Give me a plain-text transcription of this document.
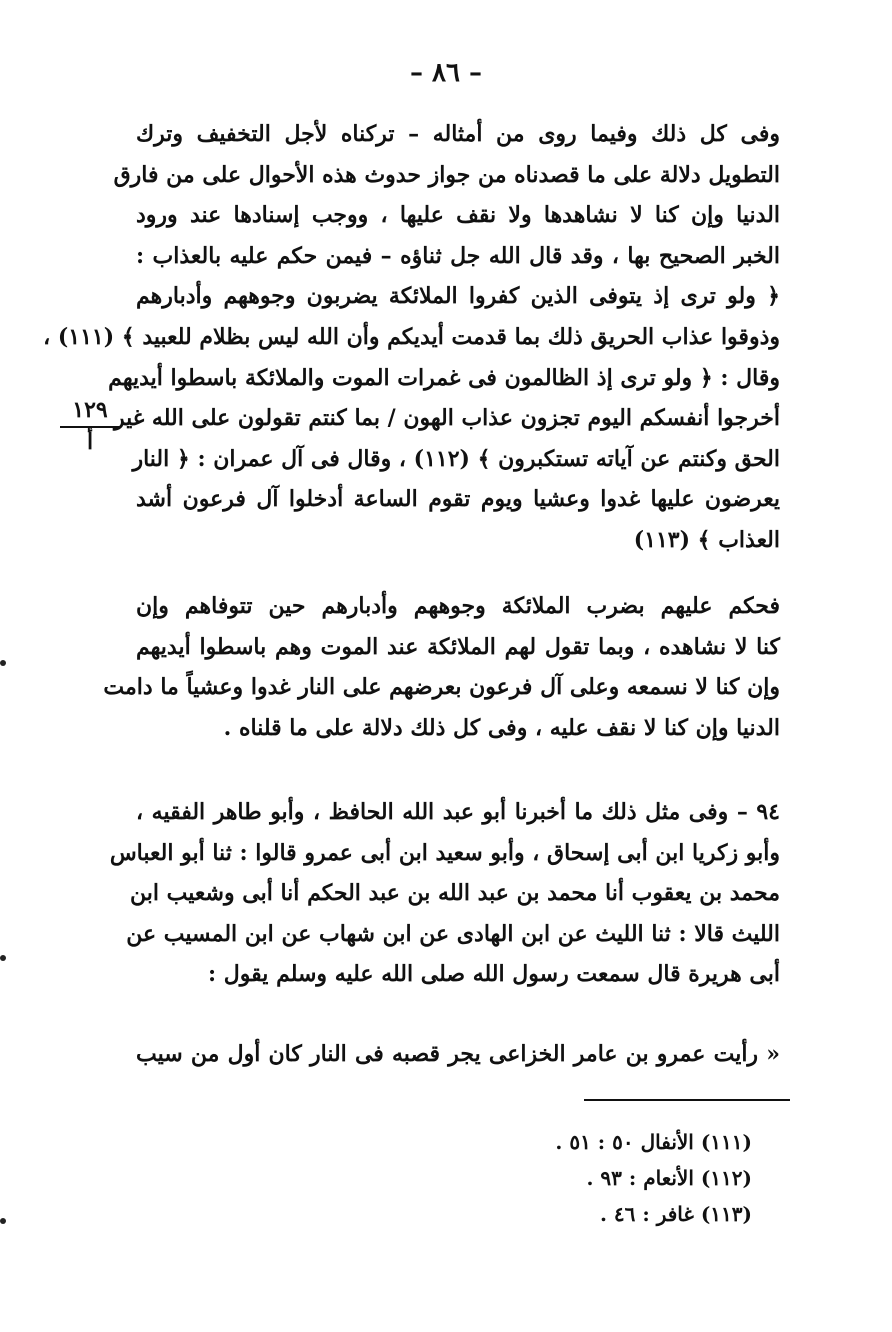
– ٨٦ –
١٢٩
أ
وفى كل ذلك وفيما روى من أمثاله – تركناه لأجل التخفيف وترك
التطويل دلالة على ما قصدناه من جواز حدوث هذه الأحوال على من فارق
الدنيا وإن كنا لا نشاهدها ولا نقف عليها ، ووجب إسنادها عند ورود
الخبر الصحيح بها ، وقد قال الله جل ثناؤه – فيمن حكم عليه بالعذاب :
﴿ ولو ترى إذ يتوفى الذين كفروا الملائكة يضربون وجوههم وأدبارهم
وذوقوا عذاب الحريق ذلك بما قدمت أيديكم وأن الله ليس بظلام للعبيد ﴾ (١١١) ،
وقال : ﴿ ولو ترى إذ الظالمون فى غمرات الموت والملائكة باسطوا أيديهم
أخرجوا أنفسكم اليوم تجزون عذاب الهون / بما كنتم تقولون على الله غير
الحق وكنتم عن آياته تستكبرون ﴾ (١١٢) ، وقال فى آل عمران : ﴿ النار
يعرضون عليها غدوا وعشيا ويوم تقوم الساعة أدخلوا آل فرعون أشد
العذاب ﴾ (١١٣)
فحكم عليهم بضرب الملائكة وجوههم وأدبارهم حين تتوفاهم وإن
كنا لا نشاهده ، وبما تقول لهم الملائكة عند الموت وهم باسطوا أيديهم
وإن كنا لا نسمعه وعلى آل فرعون بعرضهم على النار غدوا وعشياً ما دامت
الدنيا وإن كنا لا نقف عليه ، وفى كل ذلك دلالة على ما قلناه .
٩٤ – وفى مثل ذلك ما أخبرنا أبو عبد الله الحافظ ، وأبو طاهر الفقيه ،
وأبو زكريا ابن أبى إسحاق ، وأبو سعيد ابن أبى عمرو قالوا : ثنا أبو العباس
محمد بن يعقوب أنا محمد بن عبد الله بن عبد الحكم أنا أبى وشعيب ابن
الليث قالا : ثنا الليث عن ابن الهادى عن ابن شهاب عن ابن المسيب عن
أبى هريرة قال سمعت رسول الله صلى الله عليه وسلم يقول :
« رأيت عمرو بن عامر الخزاعى يجر قصبه فى النار كان أول من سيب
(١١١) الأنفال ٥٠ : ٥١ .
(١١٢) الأنعام : ٩٣ .
(١١٣) غافر : ٤٦ .
